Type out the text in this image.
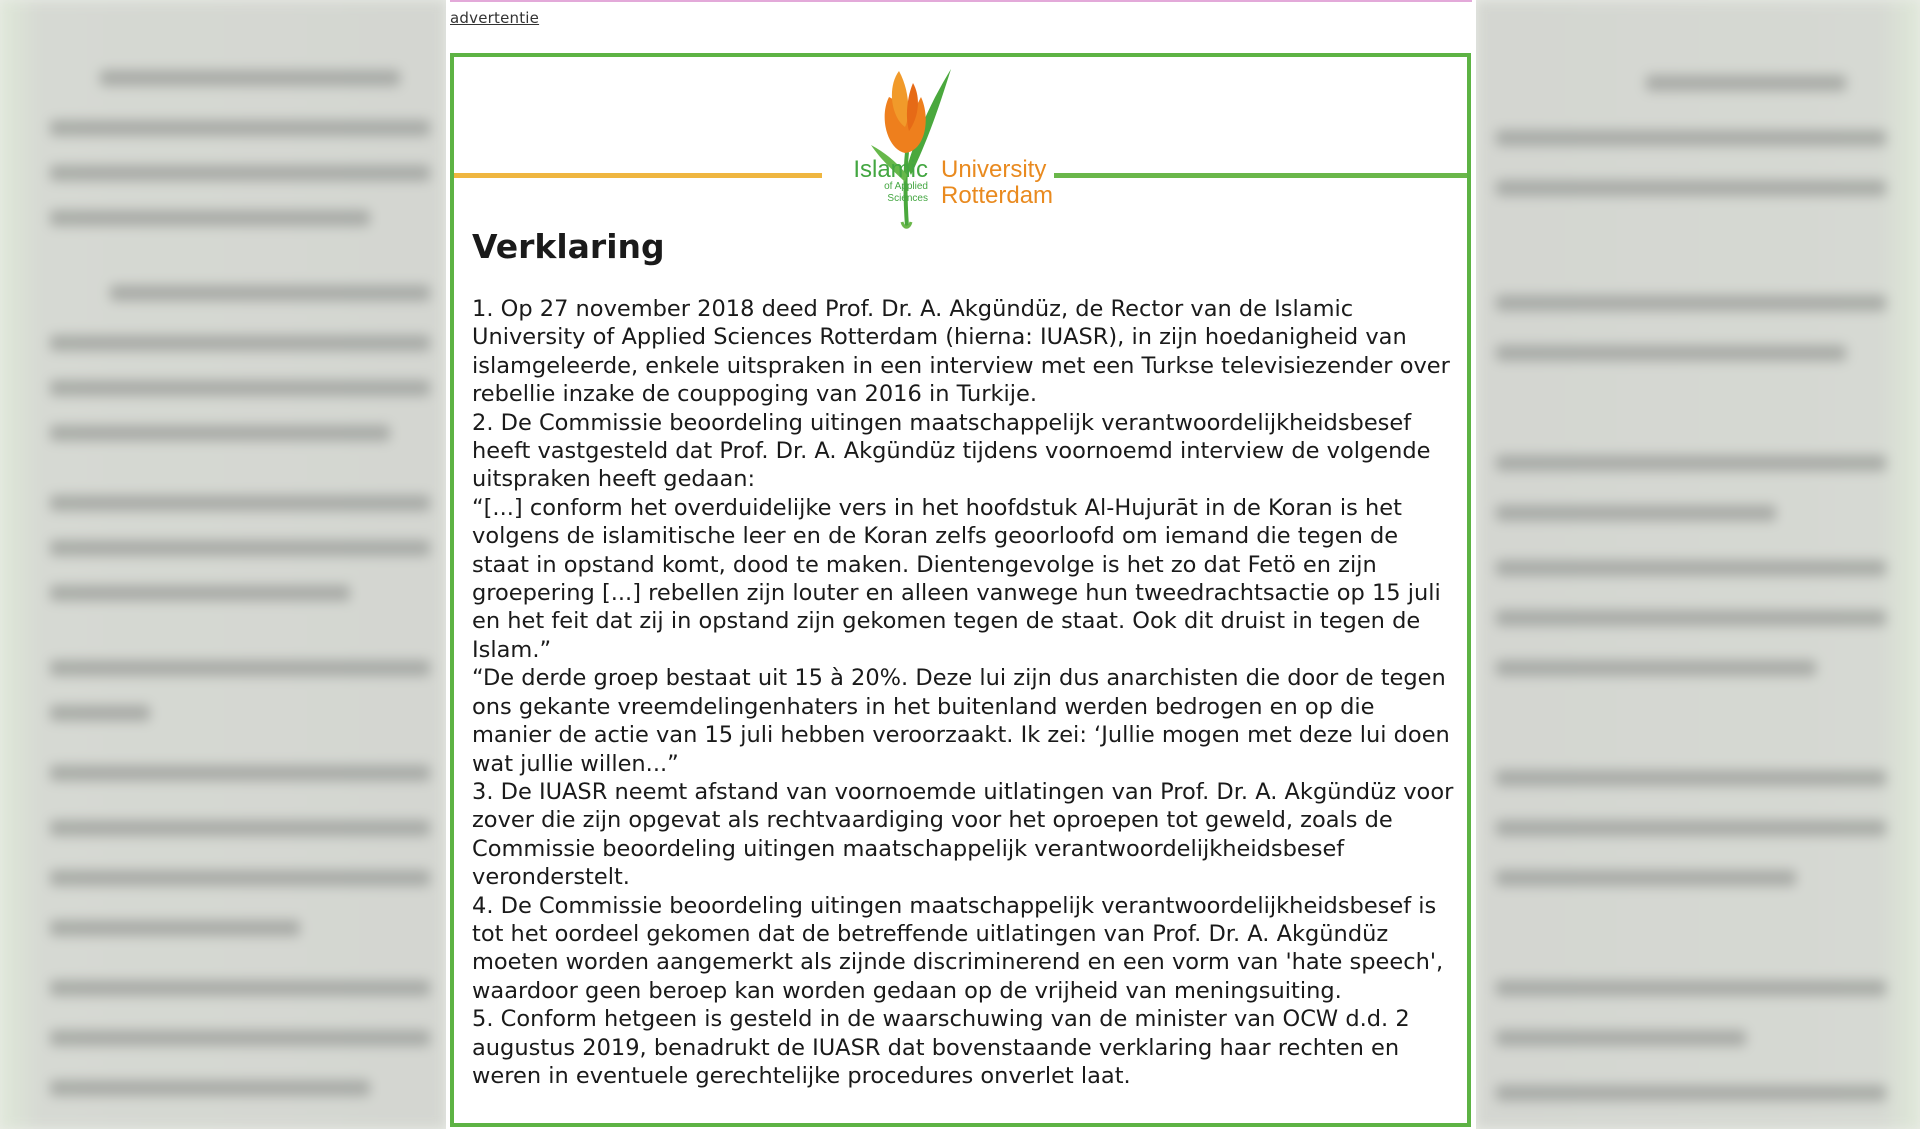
advertentie
Islamic
of Applied
Sciences
University
Rotterdam
Verklaring

1. Op 27 november 2018 deed Prof. Dr. A. Akgündüz, de Rector van de Islamic University of Applied Sciences Rotterdam (hierna: IUASR), in zijn hoedanigheid van islamgeleerde, enkele uitspraken in een interview met een Turkse televisiezender over rebellie inzake de couppoging van 2016 in Turkije.

2. De Commissie beoordeling uitingen maatschappelijk verantwoordelijkheidsbesef heeft vastgesteld dat Prof. Dr. A. Akgündüz tijdens voornoemd interview de volgende uitspraken heeft gedaan:

“[...] conform het overduidelijke vers in het hoofdstuk Al-Hujurāt in de Koran is het volgens de islamitische leer en de Koran zelfs geoorloofd om iemand die tegen de staat in opstand komt, dood te maken. Dientengevolge is het zo dat Fetö en zijn groepering [...] rebellen zijn louter en alleen vanwege hun tweedrachtsactie op 15 juli en het feit dat zij in opstand zijn gekomen tegen de staat. Ook dit druist in tegen de Islam.”

“De derde groep bestaat uit 15 à 20%. Deze lui zijn dus anarchisten die door de tegen ons gekante vreemdelingenhaters in het buitenland werden bedrogen en op die manier de actie van 15 juli hebben veroorzaakt. Ik zei: ‘Jullie mogen met deze lui doen wat jullie willen...”

3. De IUASR neemt afstand van voornoemde uitlatingen van Prof. Dr. A. Akgündüz voor zover die zijn opgevat als rechtvaardiging voor het oproepen tot geweld, zoals de Commissie beoordeling uitingen maatschappelijk verantwoordelijkheidsbesef veronderstelt.

4. De Commissie beoordeling uitingen maatschappelijk verantwoordelijkheidsbesef is tot het oordeel gekomen dat de betreffende uitlatingen van Prof. Dr. A. Akgündüz moeten worden aangemerkt als zijnde discriminerend en een vorm van 'hate speech', waardoor geen beroep kan worden gedaan op de vrijheid van meningsuiting.

5. Conform hetgeen is gesteld in de waarschuwing van de minister van OCW d.d. 2 augustus 2019, benadrukt de IUASR dat bovenstaande verklaring haar rechten en weren in eventuele gerechtelijke procedures onverlet laat.
